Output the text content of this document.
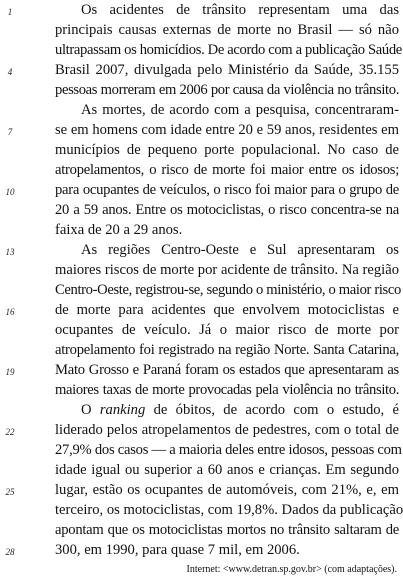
1	Os acidentes de trânsito representam uma das
principais causas externas de morte no Brasil — só não
ultrapassam os homicídios. De acordo com a publicação Saúde
4	Brasil 2007, divulgada pelo Ministério da Saúde, 35.155
pessoas morreram em 2006 por causa da violência no trânsito.
As mortes, de acordo com a pesquisa, concentraram-
7	se em homens com idade entre 20 e 59 anos, residentes em
municípios de pequeno porte populacional. No caso de
atropelamentos, o risco de morte foi maior entre os idosos;
10	para ocupantes de veículos, o risco foi maior para o grupo de
20 a 59 anos. Entre os motociclistas, o risco concentra-se na
faixa de 20 a 29 anos.
13	As regiões Centro-Oeste e Sul apresentaram os
maiores riscos de morte por acidente de trânsito. Na região
Centro-Oeste, registrou-se, segundo o ministério, o maior risco
16	de morte para acidentes que envolvem motociclistas e
ocupantes de veículo. Já o maior risco de morte por
atropelamento foi registrado na região Norte. Santa Catarina,
19	Mato Grosso e Paraná foram os estados que apresentaram as
maiores taxas de morte provocadas pela violência no trânsito.
O ranking de óbitos, de acordo com o estudo, é
22	liderado pelos atropelamentos de pedestres, com o total de
27,9% dos casos — a maioria deles entre idosos, pessoas com
idade igual ou superior a 60 anos e crianças. Em segundo
25	lugar, estão os ocupantes de automóveis, com 21%, e, em
terceiro, os motociclistas, com 19,8%. Dados da publicação
apontam que os motociclistas mortos no trânsito saltaram de
28	300, em 1990, para quase 7 mil, em 2006.
Internet: <www.detran.sp.gov.br> (com adaptações).
